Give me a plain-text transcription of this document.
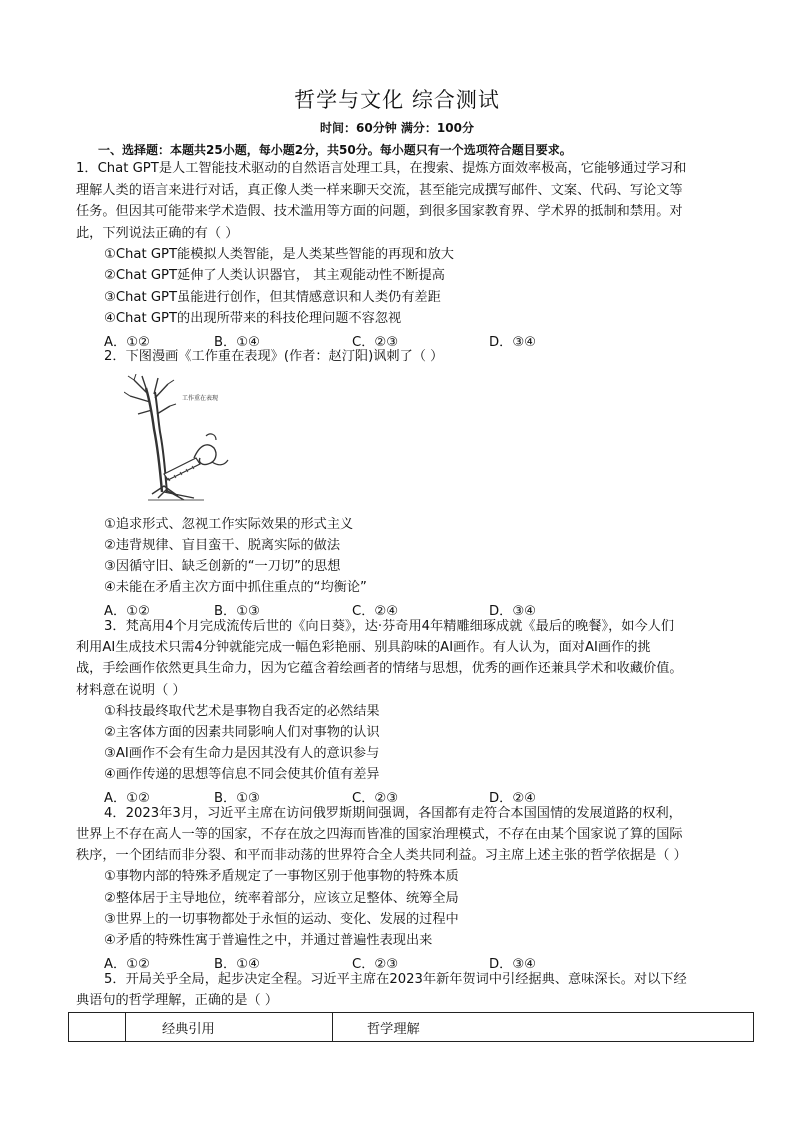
哲学与文化 综合测试
时间：60分钟 满分：100分
一、选择题：本题共25小题，每小题2分，共50分。每小题只有一个选项符合题目要求。
1．Chat GPT是人工智能技术驱动的自然语言处理工具，在搜索、提炼方面效率极高，它能够通过学习和
理解人类的语言来进行对话，真正像人类一样来聊天交流，甚至能完成撰写邮件、文案、代码、写论文等
任务。但因其可能带来学术造假、技术滥用等方面的问题，到很多国家教育界、学术界的抵制和禁用。对
此，下列说法正确的有（ ）
①Chat GPT能模拟人类智能，是人类某些智能的再现和放大
②Chat GPT延伸了人类认识器官， 其主观能动性不断提高
③Chat GPT虽能进行创作，但其情感意识和人类仍有差距
④Chat GPT的出现所带来的科技伦理问题不容忽视
A．①②	B．①④	C．②③	D．③④
2．下图漫画《工作重在表现》(作者：赵汀阳)讽刺了（ ）
工作重在表现
①追求形式、忽视工作实际效果的形式主义
②违背规律、盲目蛮干、脱离实际的做法
③因循守旧、缺乏创新的“一刀切”的思想
④未能在矛盾主次方面中抓住重点的“均衡论”
A．①②	B．①③	C．②④	D．③④
3．梵高用4个月完成流传后世的《向日葵》，达·芬奇用4年精雕细琢成就《最后的晚餐》，如今人们
利用AI生成技术只需4分钟就能完成一幅色彩艳丽、别具韵味的AI画作。有人认为，面对AI画作的挑
战，手绘画作依然更具生命力，因为它蕴含着绘画者的情绪与思想，优秀的画作还兼具学术和收藏价值。
材料意在说明（ ）
①科技最终取代艺术是事物自我否定的必然结果
②主客体方面的因素共同影响人们对事物的认识
③AI画作不会有生命力是因其没有人的意识参与
④画作传递的思想等信息不同会使其价值有差异
A．①②	B．①③	C．②③	D．②④
4．2023年3月，习近平主席在访问俄罗斯期间强调，各国都有走符合本国国情的发展道路的权利，
世界上不存在高人一等的国家，不存在放之四海而皆准的国家治理模式，不存在由某个国家说了算的国际
秩序，一个团结而非分裂、和平而非动荡的世界符合全人类共同利益。习主席上述主张的哲学依据是（ ）
①事物内部的特殊矛盾规定了一事物区别于他事物的特殊本质
②整体居于主导地位，统率着部分，应该立足整体、统筹全局
③世界上的一切事物都处于永恒的运动、变化、发展的过程中
④矛盾的特殊性寓于普遍性之中，并通过普遍性表现出来
A．①②	B．①④	C．②③	D．③④
5．开局关乎全局，起步决定全程。习近平主席在2023年新年贺词中引经据典、意味深长。对以下经
典语句的哲学理解，正确的是（ ）
	经典引用	哲学理解
